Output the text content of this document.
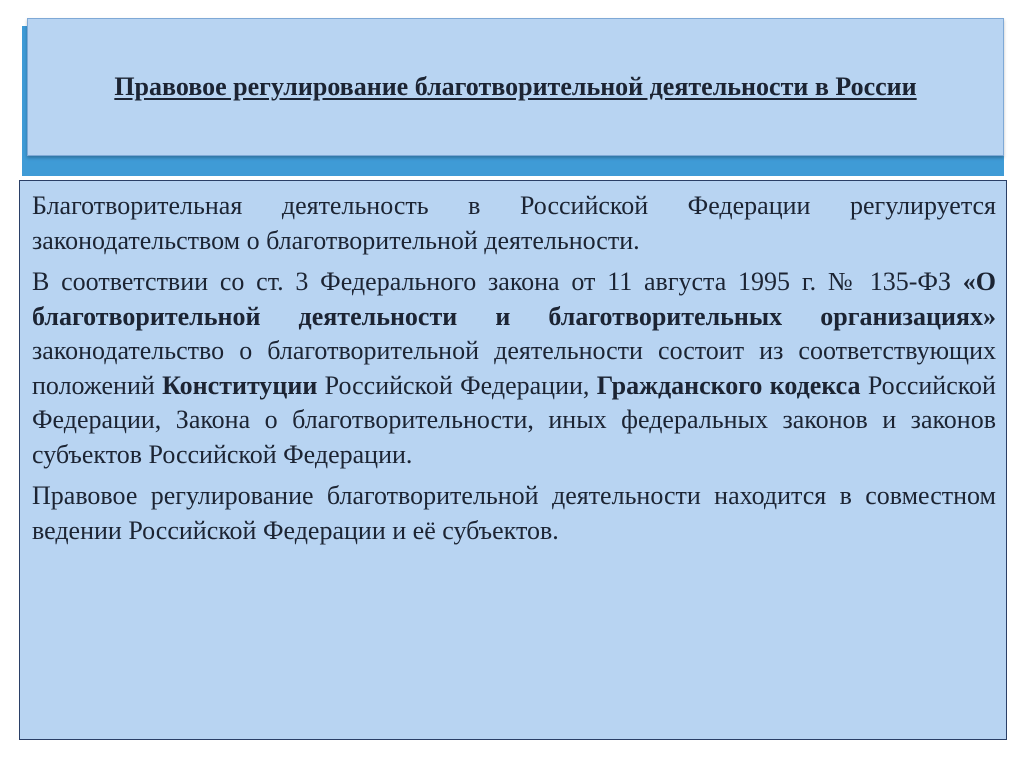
Правовое регулирование благотворительной деятельности в России

Благотворительная деятельность в Российской Федерации регулируется законодательством о благотворительной деятельности.

В соответствии со ст. 3 Федерального закона от 11 августа 1995 г. № 135-ФЗ «О благотворительной деятельности и благотворительных организациях» законодательство о благотворительной деятельности состоит из соответствующих положений Конституции Российской Федерации, Гражданского кодекса Российской Федерации, Закона о благотворительности, иных федеральных законов и законов субъектов Российской Федерации.

Правовое регулирование благотворительной деятельности находится в совместном ведении Российской Федерации и её субъектов.
